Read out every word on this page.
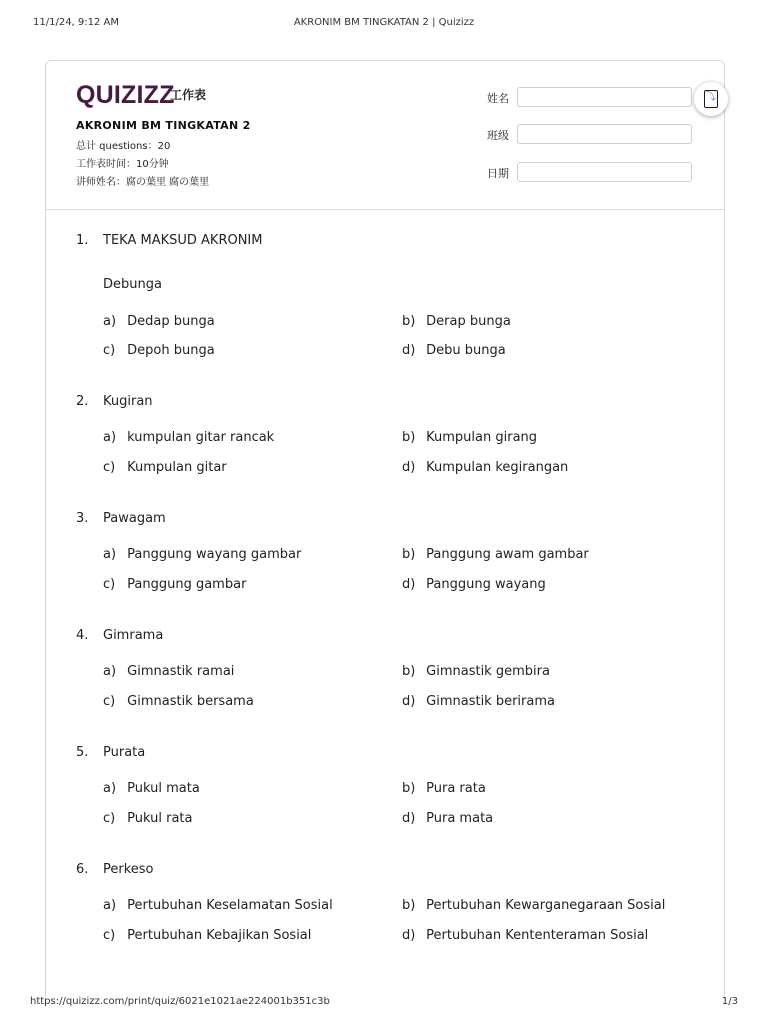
11/1/24, 9:12 AM	AKRONIM BM TINGKATAN 2 | Quizizz
QUIZIZZ
工作表
AKRONIM BM TINGKATAN 2
总计 questions：20
工作表时间：10分钟
讲师姓名：腐の葉里 腐の葉里
姓名
班级
日期
⤵
1. TEKA MAKSUD AKRONIM
Debunga
a) Dedap bunga	b) Derap bunga
c) Depoh bunga	d) Debu bunga
2. Kugiran
a) kumpulan gitar rancak	b) Kumpulan girang
c) Kumpulan gitar	d) Kumpulan kegirangan
3. Pawagam
a) Panggung wayang gambar	b) Panggung awam gambar
c) Panggung gambar	d) Panggung wayang
4. Gimrama
a) Gimnastik ramai	b) Gimnastik gembira
c) Gimnastik bersama	d) Gimnastik berirama
5. Purata
a) Pukul mata	b) Pura rata
c) Pukul rata	d) Pura mata
6. Perkeso
a) Pertubuhan Keselamatan Sosial	b) Pertubuhan Kewarganegaraan Sosial
c) Pertubuhan Kebajikan Sosial	d) Pertubuhan Kententeraman Sosial
https://quizizz.com/print/quiz/6021e1021ae224001b351c3b	1/3
